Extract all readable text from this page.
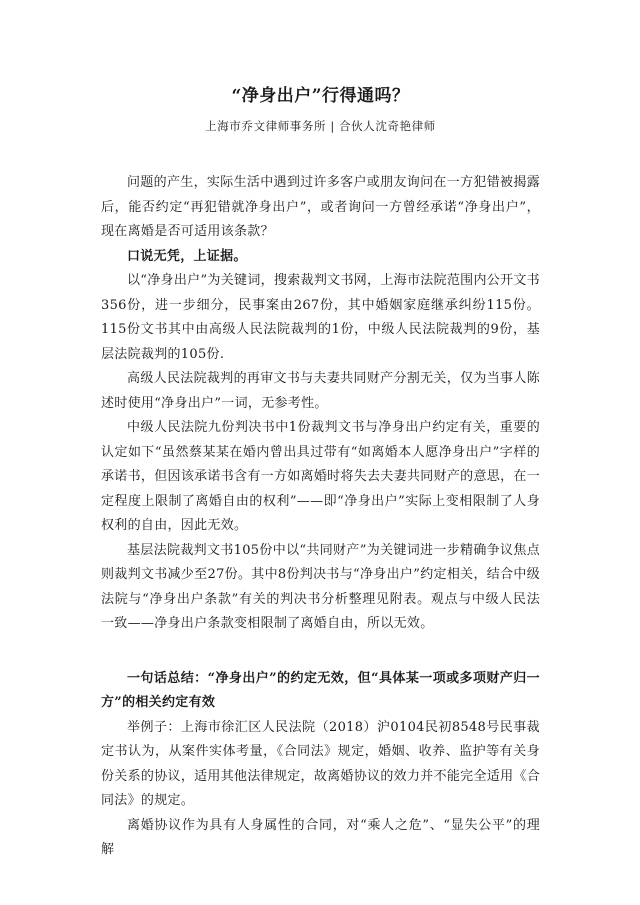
“净身出户”行得通吗？
上海市乔文律师事务所 | 合伙人沈奇艳律师

问题的产生，实际生活中遇到过许多客户或朋友询问在一方犯错被揭露后，能否约定“再犯错就净身出户”，或者询问一方曾经承诺“净身出户”，现在离婚是否可适用该条款？

口说无凭，上证据。

以“净身出户”为关键词，搜索裁判文书网，上海市法院范围内公开文书356份，进一步细分，民事案由267份，其中婚姻家庭继承纠纷115份。115份文书其中由高级人民法院裁判的1份，中级人民法院裁判的9份，基层法院裁判的105份.

高级人民法院裁判的再审文书与夫妻共同财产分割无关，仅为当事人陈述时使用“净身出户”一词，无参考性。

中级人民法院九份判决书中1份裁判文书与净身出户约定有关，重要的认定如下“虽然蔡某某在婚内曾出具过带有“如离婚本人愿净身出户”字样的承诺书，但因该承诺书含有一方如离婚时将失去夫妻共同财产的意思，在一定程度上限制了离婚自由的权利”——即“净身出户”实际上变相限制了人身权利的自由，因此无效。

基层法院裁判文书105份中以“共同财产”为关键词进一步精确争议焦点则裁判文书减少至27份。其中8份判决书与“净身出户”约定相关，结合中级法院与“净身出户条款”有关的判决书分析整理见附表。观点与中级人民法一致——净身出户条款变相限制了离婚自由，所以无效。

一句话总结：“净身出户”的约定无效，但“具体某一项或多项财产归一方”的相关约定有效

举例子：上海市徐汇区人民法院（2018）沪0104民初8548号民事裁定书认为，从案件实体考量，《合同法》规定，婚姻、收养、监护等有关身份关系的协议，适用其他法律规定，故离婚协议的效力并不能完全适用《合同法》的规定。

离婚协议作为具有人身属性的合同，对“乘人之危”、“显失公平”的理解
